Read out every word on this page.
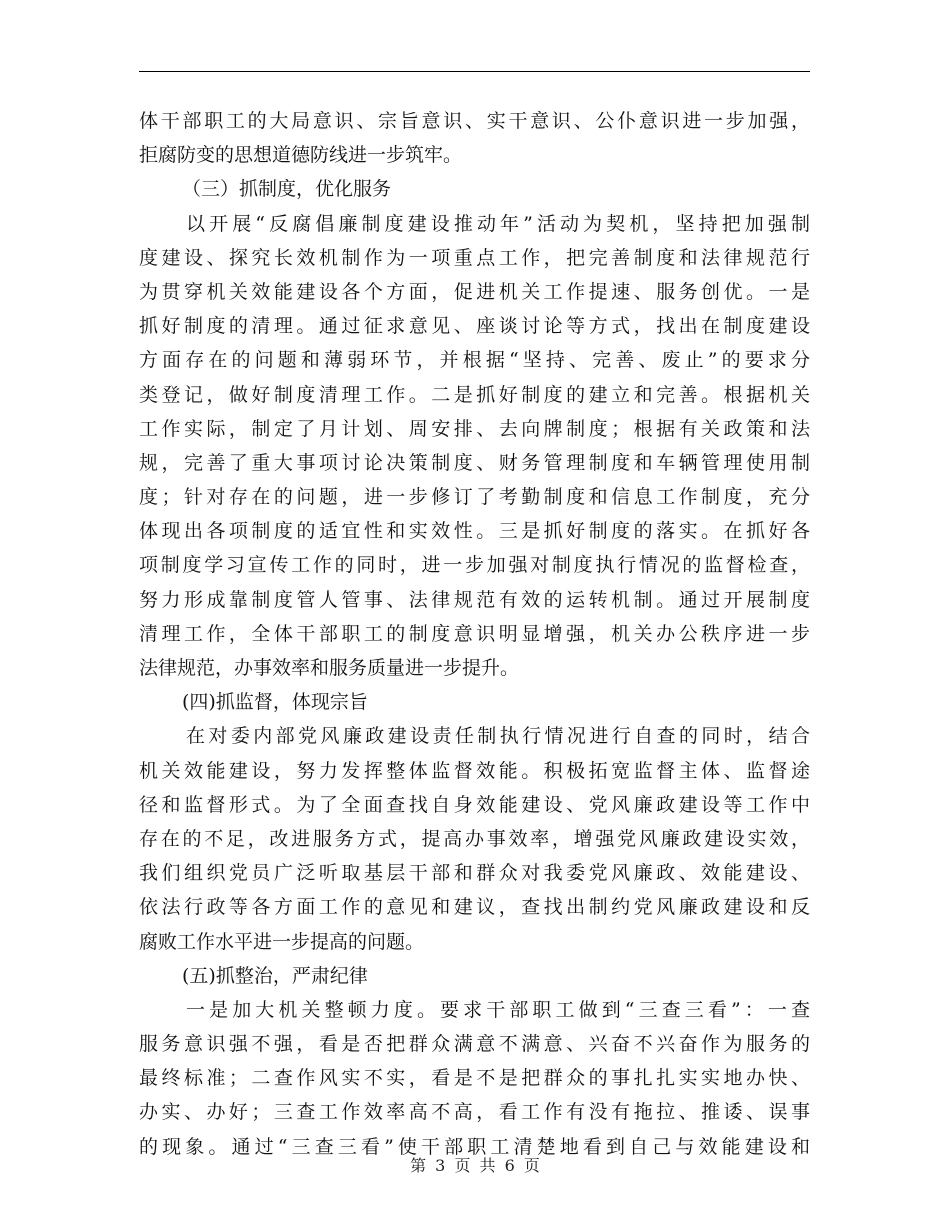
体干部职工的大局意识、宗旨意识、实干意识、公仆意识进一步加强，
拒腐防变的思想道德防线进一步筑牢。
（三）抓制度，优化服务
以开展“反腐倡廉制度建设推动年”活动为契机，坚持把加强制
度建设、探究长效机制作为一项重点工作，把完善制度和法律规范行
为贯穿机关效能建设各个方面，促进机关工作提速、服务创优。一是
抓好制度的清理。通过征求意见、座谈讨论等方式，找出在制度建设
方面存在的问题和薄弱环节，并根据“坚持、完善、废止”的要求分
类登记，做好制度清理工作。二是抓好制度的建立和完善。根据机关
工作实际，制定了月计划、周安排、去向牌制度；根据有关政策和法
规，完善了重大事项讨论决策制度、财务管理制度和车辆管理使用制
度；针对存在的问题，进一步修订了考勤制度和信息工作制度，充分
体现出各项制度的适宜性和实效性。三是抓好制度的落实。在抓好各
项制度学习宣传工作的同时，进一步加强对制度执行情况的监督检查，
努力形成靠制度管人管事、法律规范有效的运转机制。通过开展制度
清理工作，全体干部职工的制度意识明显增强，机关办公秩序进一步
法律规范，办事效率和服务质量进一步提升。
(四)抓监督，体现宗旨
在对委内部党风廉政建设责任制执行情况进行自查的同时，结合
机关效能建设，努力发挥整体监督效能。积极拓宽监督主体、监督途
径和监督形式。为了全面查找自身效能建设、党风廉政建设等工作中
存在的不足，改进服务方式，提高办事效率，增强党风廉政建设实效，
我们组织党员广泛听取基层干部和群众对我委党风廉政、效能建设、
依法行政等各方面工作的意见和建议，查找出制约党风廉政建设和反
腐败工作水平进一步提高的问题。
(五)抓整治，严肃纪律
一是加大机关整顿力度。要求干部职工做到“三查三看”：一查
服务意识强不强，看是否把群众满意不满意、兴奋不兴奋作为服务的
最终标准；二查作风实不实，看是不是把群众的事扎扎实实地办快、
办实、办好；三查工作效率高不高，看工作有没有拖拉、推诿、误事
的现象。通过“三查三看”使干部职工清楚地看到自己与效能建设和
第 3 页 共 6 页
